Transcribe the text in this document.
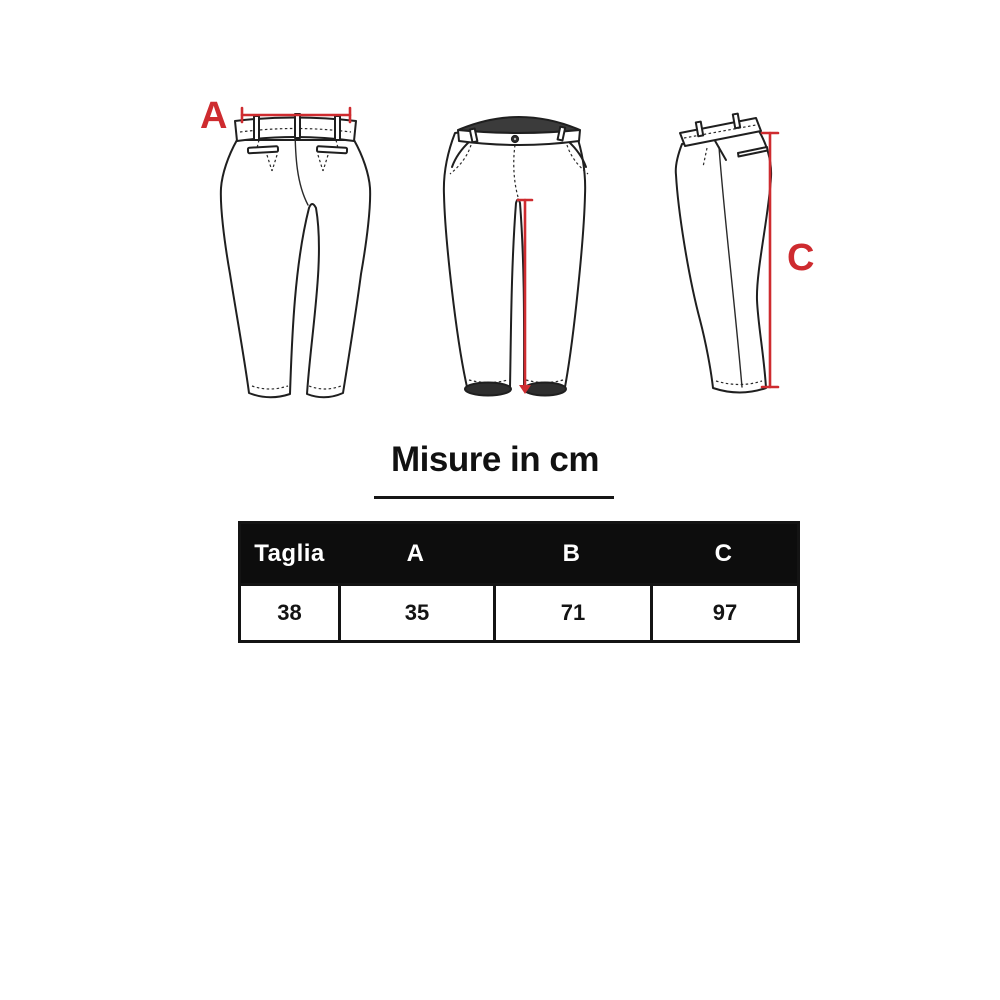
A
C
Misure in cm
Taglia	A	B	C
38	35	71	97
